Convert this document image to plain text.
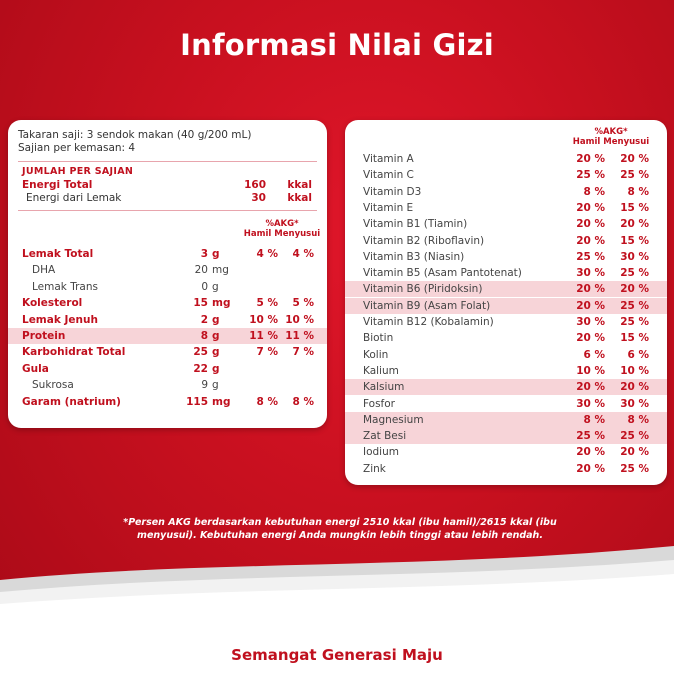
Informasi Nilai Gizi
Takaran saji: 3 sendok makan (40 g/200 mL)
Sajian per kemasan: 4
JUMLAH PER SAJIAN
Energi Total	160 kkal
Energi dari Lemak	30 kkal
%AKG*
Hamil Menyusui
Lemak Total	3 g	4 %	4 %
DHA	20 mg
Lemak Trans	0 g
Kolesterol	15 mg	5 %	5 %
Lemak Jenuh	2 g	10 % 10 %
Protein	8 g	11 % 11 %
Karbohidrat Total	25 g	7 %	7 %
Gula	22 g
Sukrosa	9 g
Garam (natrium)	115 mg	8 %	8 %
%AKG*
Hamil Menyusui
Vitamin A	20 %	20 %
Vitamin C	25 %	25 %
Vitamin D3	8 %	8 %
Vitamin E	20 %	15 %
Vitamin B1 (Tiamin)	20 %	20 %
Vitamin B2 (Riboflavin)	20 %	15 %
Vitamin B3 (Niasin)	25 %	30 %
Vitamin B5 (Asam Pantotenat)	30 %	25 %
Vitamin B6 (Piridoksin)	20 %	20 %
Vitamin B9 (Asam Folat)	20 %	25 %
Vitamin B12 (Kobalamin)	30 %	25 %
Biotin	20 %	15 %
Kolin	6 %	6 %
Kalium	10 %	10 %
Kalsium	20 %	20 %
Fosfor	30 %	30 %
Magnesium	8 %	8 %
Zat Besi	25 %	25 %
Iodium	20 %	20 %
Zink	20 %	25 %
*Persen AKG berdasarkan kebutuhan energi 2510 kkal (ibu hamil)/2615 kkal (ibu
menyusui). Kebutuhan energi Anda mungkin lebih tinggi atau lebih rendah.
Semangat Generasi Maju
